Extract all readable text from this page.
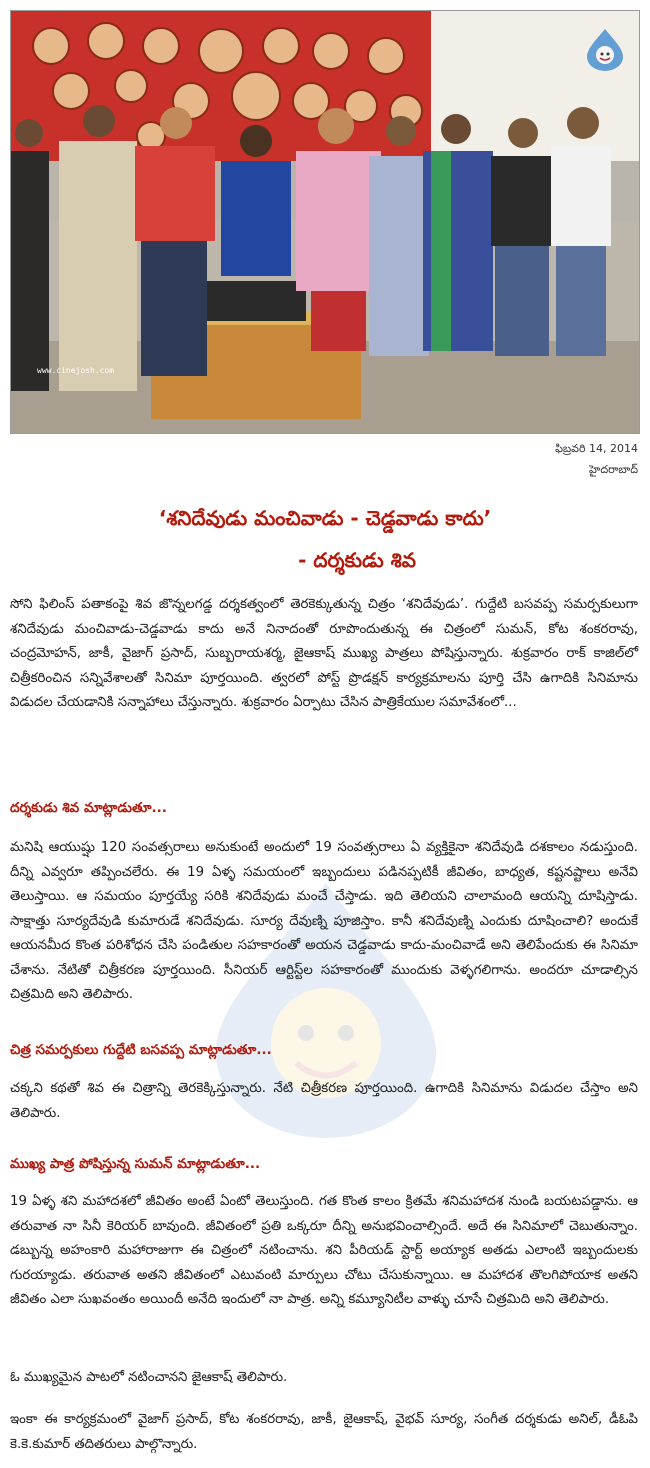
www.cinejosh.com
ఫిబ్రవరి 14, 2014
హైదరాబాద్
‘శనిదేవుడు మంచివాడు - చెడ్డవాడు కాదు’
- దర్శకుడు శివ

సోని ఫిలింస్ పతాకంపై శివ జొన్నలగడ్డ దర్శకత్వంలో తెరకెక్కుతున్న చిత్రం ‘శనిదేవుడు’. గుద్దేటి బసవప్ప సమర్పకులుగా శనిదేవుడు మంచివాడు-చెడ్డవాడు కాదు అనే నినాదంతో రూపొందుతున్న ఈ చిత్రంలో సుమన్, కోట శంకరరావు, చంద్రమోహన్, జాకీ, వైజాగ్ ప్రసాద్, సుబ్బరాయశర్మ, జైఆకాష్ ముఖ్య పాత్రలు పోషిస్తున్నారు. శుక్రవారం రాక్ కాజిల్‌లో చిత్రీకరించిన సన్నివేశాలతో సినిమా పూర్తయింది. త్వరలో పోస్ట్ ప్రొడక్షన్ కార్యక్రమాలను పూర్తి చేసి ఉగాదికి సినిమాను విడుదల చేయడానికి సన్నాహాలు చేస్తున్నారు. శుక్రవారం ఏర్పాటు చేసిన పాత్రికేయుల సమావేశంలో...

దర్శకుడు శివ మాట్లాడుతూ...

మనిషి ఆయుష్షు 120 సంవత్సరాలు అనుకుంటే అందులో 19 సంవత్సరాలు ఏ వ్యక్తికైనా శనిదేవుడి దశకాలం నడుస్తుంది. దీన్ని ఎవ్వరూ తప్పించలేరు. ఈ 19 ఏళ్ళ సమయంలో ఇబ్బందులు పడినప్పటికీ జీవితం, బాధ్యత, కష్టనష్టాలు అనేవి తెలుస్తాయి. ఆ సమయం పూర్తయ్యే సరికి శనిదేవుడు మంచే చేస్తాడు. ఇది తెలియని చాలామంది ఆయన్ని దూషిస్తాడు. సాక్షాత్తు సూర్యదేవుడి కుమారుడే శనిదేవుడు. సూర్య దేవుణ్ని పూజిస్తాం. కానీ శనిదేవుణ్ని ఎందుకు దూషించాలి? అందుకే ఆయనమీద కొంత పరిశోధన చేసి పండితుల సహకారంతో అయన చెడ్డవాడు కాదు-మంచివాడే అని తెలిపేందుకు ఈ సినిమా చేశాను. నేటితో చిత్రీకరణ పూర్తయింది. సీనియర్ ఆర్టిస్ట్‌ల సహకారంతో ముందుకు వెళ్ళగలిగాను. అందరూ చూడాల్సిన చిత్రమిది అని తెలిపారు.

చిత్ర సమర్పకులు గుద్దేటి బసవప్ప మాట్లాడుతూ...

చక్కని కథతో శివ ఈ చిత్రాన్ని తెరకెక్కిస్తున్నారు. నేటి చిత్రీకరణ పూర్తయింది. ఉగాదికి సినిమాను విడుదల చేస్తాం అని తెలిపారు.

ముఖ్య పాత్ర పోషిస్తున్న సుమన్ మాట్లాడుతూ...

19 ఏళ్ళ శని మహాదశలో జీవితం అంటే ఏంటో తెలుస్తుంది. గత కొంత కాలం క్రితమే శనిమహాదశ నుండి బయటపడ్డాను. ఆ తరువాత నా సినీ కెరియర్ బావుంది. జీవితంలో ప్రతి ఒక్కరూ దీన్ని అనుభవించాల్సిందే. అదే ఈ సినిమాలో చెబుతున్నాం. డబ్బున్న అహంకారి మహారాజుగా ఈ చిత్రంలో నటించాను. శని పీరియడ్ స్టార్ట్ అయ్యాక అతడు ఎలాంటి ఇబ్బందులకు గురయ్యాడు. తరువాత అతని జీవితంలో ఎటువంటి మార్పులు చోటు చేసుకున్నాయి. ఆ మహాదశ తొలగిపోయాక అతని జీవితం ఎలా సుఖవంతం అయిందీ అనేది ఇందులో నా పాత్ర. అన్ని కమ్యూనిటీల వాళ్ళు చూసే చిత్రమిది అని తెలిపారు.

ఓ ముఖ్యమైన పాటలో నటించానని జైఆకాష్ తెలిపారు.

ఇంకా ఈ కార్యక్రమంలో వైజాగ్ ప్రసాద్, కోట శంకరరావు, జాకీ, జైఆకాష్, వైభవ్ సూర్య, సంగీత దర్శకుడు అనిల్, డీఓపి కె.కె.కుమార్ తదితరులు పాల్గొన్నారు.
